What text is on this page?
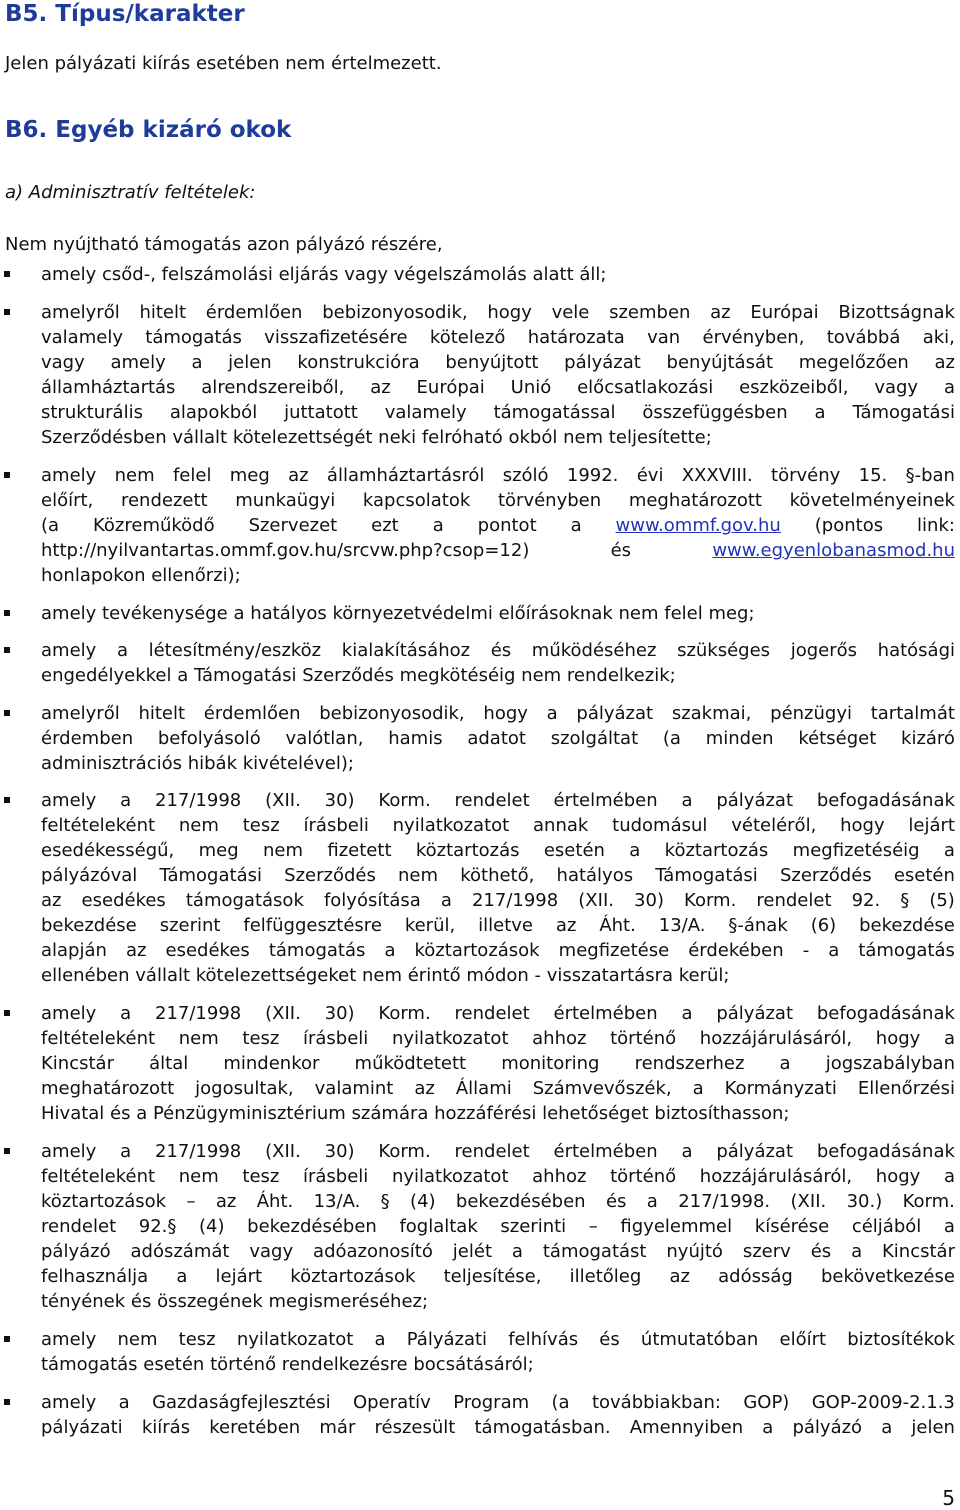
B5. Típus/karakter

Jelen pályázati kiírás esetében nem értelmezett.

B6. Egyéb kizáró okok

a) Adminisztratív feltételek:

Nem nyújtható támogatás azon pályázó részére,

amely csőd-, felszámolási eljárás vagy végelszámolás alatt áll;
amelyről hitelt érdemlően bebizonyosodik, hogy vele szemben az Európai Bizottságnak
valamely támogatás visszafizetésére kötelező határozata van érvényben, továbbá aki,
vagy amely a jelen konstrukcióra benyújtott pályázat benyújtását megelőzően az
államháztartás alrendszereiből, az Európai Unió előcsatlakozási eszközeiből, vagy a
strukturális alapokból juttatott valamely támogatással összefüggésben a Támogatási
Szerződésben vállalt kötelezettségét neki felróható okból nem teljesítette;
amely nem felel meg az államháztartásról szóló 1992. évi XXXVIII. törvény 15. §-ban
előírt, rendezett munkaügyi kapcsolatok törvényben meghatározott követelményeinek
(a Közreműködő Szervezet ezt a pontot a www.ommf.gov.hu (pontos link:
http://nyilvantartas.ommf.gov.hu/srcvw.php?csop=12)	és	www.egyenlobanasmod.hu
honlapokon ellenőrzi);
amely tevékenysége a hatályos környezetvédelmi előírásoknak nem felel meg;
amely a létesítmény/eszköz kialakításához és működéséhez szükséges jogerős hatósági
engedélyekkel a Támogatási Szerződés megkötéséig nem rendelkezik;
amelyről hitelt érdemlően bebizonyosodik, hogy a pályázat szakmai, pénzügyi tartalmát
érdemben befolyásoló valótlan, hamis adatot szolgáltat (a minden kétséget kizáró
adminisztrációs hibák kivételével);
amely a 217/1998 (XII. 30) Korm. rendelet értelmében a pályázat befogadásának
feltételeként nem tesz írásbeli nyilatkozatot annak tudomásul vételéről, hogy lejárt
esedékességű, meg nem fizetett köztartozás esetén a köztartozás megfizetéséig a
pályázóval Támogatási Szerződés nem köthető, hatályos Támogatási Szerződés esetén
az esedékes támogatások folyósítása a 217/1998 (XII. 30) Korm. rendelet 92. § (5)
bekezdése szerint felfüggesztésre kerül, illetve az Áht. 13/A. §-ának (6) bekezdése
alapján az esedékes támogatás a köztartozások megfizetése érdekében - a támogatás
ellenében vállalt kötelezettségeket nem érintő módon - visszatartásra kerül;
amely a 217/1998 (XII. 30) Korm. rendelet értelmében a pályázat befogadásának
feltételeként nem tesz írásbeli nyilatkozatot ahhoz történő hozzájárulásáról, hogy a
Kincstár által mindenkor működtetett monitoring rendszerhez a jogszabályban
meghatározott jogosultak, valamint az Állami Számvevőszék, a Kormányzati Ellenőrzési
Hivatal és a Pénzügyminisztérium számára hozzáférési lehetőséget biztosíthasson;
amely a 217/1998 (XII. 30) Korm. rendelet értelmében a pályázat befogadásának
feltételeként nem tesz írásbeli nyilatkozatot ahhoz történő hozzájárulásáról, hogy a
köztartozások – az Áht. 13/A. § (4) bekezdésében és a 217/1998. (XII. 30.) Korm.
rendelet 92.§ (4) bekezdésében foglaltak szerinti – figyelemmel kísérése céljából a
pályázó adószámát vagy adóazonosító jelét a támogatást nyújtó szerv és a Kincstár
felhasználja a lejárt köztartozások teljesítése, illetőleg az adósság bekövetkezése
tényének és összegének megismeréséhez;
amely nem tesz nyilatkozatot a Pályázati felhívás és útmutatóban előírt biztosítékok
támogatás esetén történő rendelkezésre bocsátásáról;
amely a Gazdaságfejlesztési Operatív Program (a továbbiakban: GOP) GOP-2009-2.1.3
pályázati kiírás keretében már részesült támogatásban. Amennyiben a pályázó a jelen

5
